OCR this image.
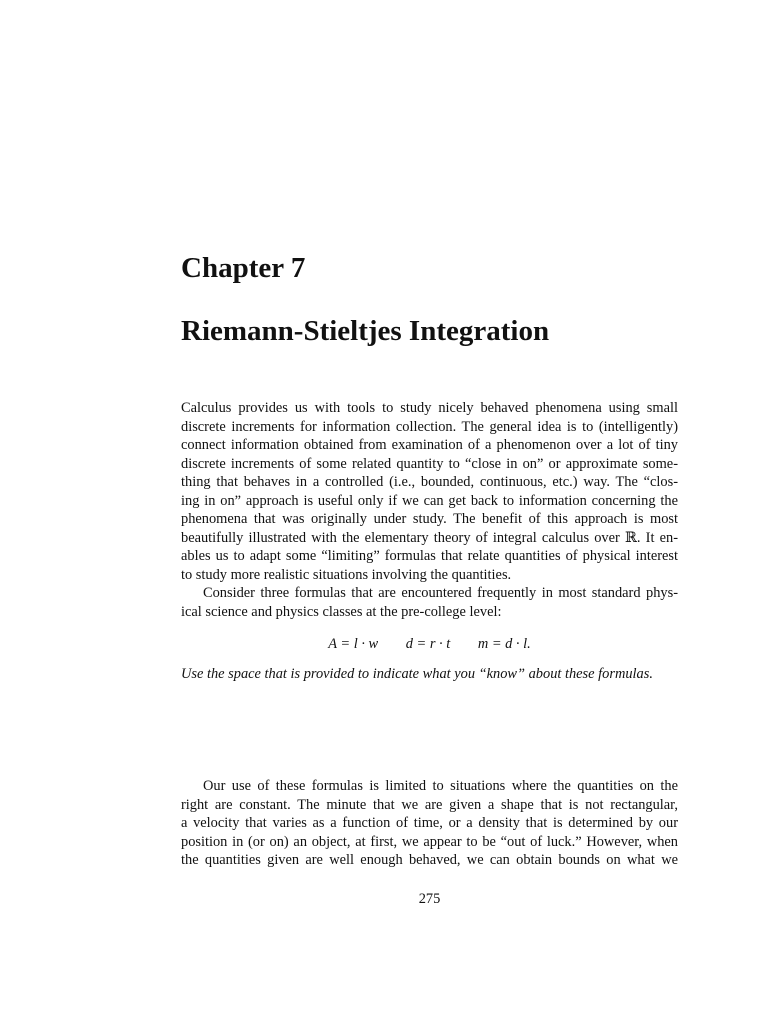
Chapter 7
Riemann-Stieltjes Integration
Calculus provides us with tools to study nicely behaved phenomena using small
discrete increments for information collection. The general idea is to (intelligently)
connect information obtained from examination of a phenomenon over a lot of tiny
discrete increments of some related quantity to “close in on” or approximate some-
thing that behaves in a controlled (i.e., bounded, continuous, etc.) way. The “clos-
ing in on” approach is useful only if we can get back to information concerning the
phenomena that was originally under study. The benefit of this approach is most
beautifully illustrated with the elementary theory of integral calculus over ℝ. It en-
ables us to adapt some “limiting” formulas that relate quantities of physical interest
to study more realistic situations involving the quantities.
Consider three formulas that are encountered frequently in most standard phys-
ical science and physics classes at the pre-college level:
A = l · w d = r · t m = d · l.

Use the space that is provided to indicate what you “know” about these formulas.

Our use of these formulas is limited to situations where the quantities on the
right are constant. The minute that we are given a shape that is not rectangular,
a velocity that varies as a function of time, or a density that is determined by our
position in (or on) an object, at first, we appear to be “out of luck.” However, when
the quantities given are well enough behaved, we can obtain bounds on what we
275
